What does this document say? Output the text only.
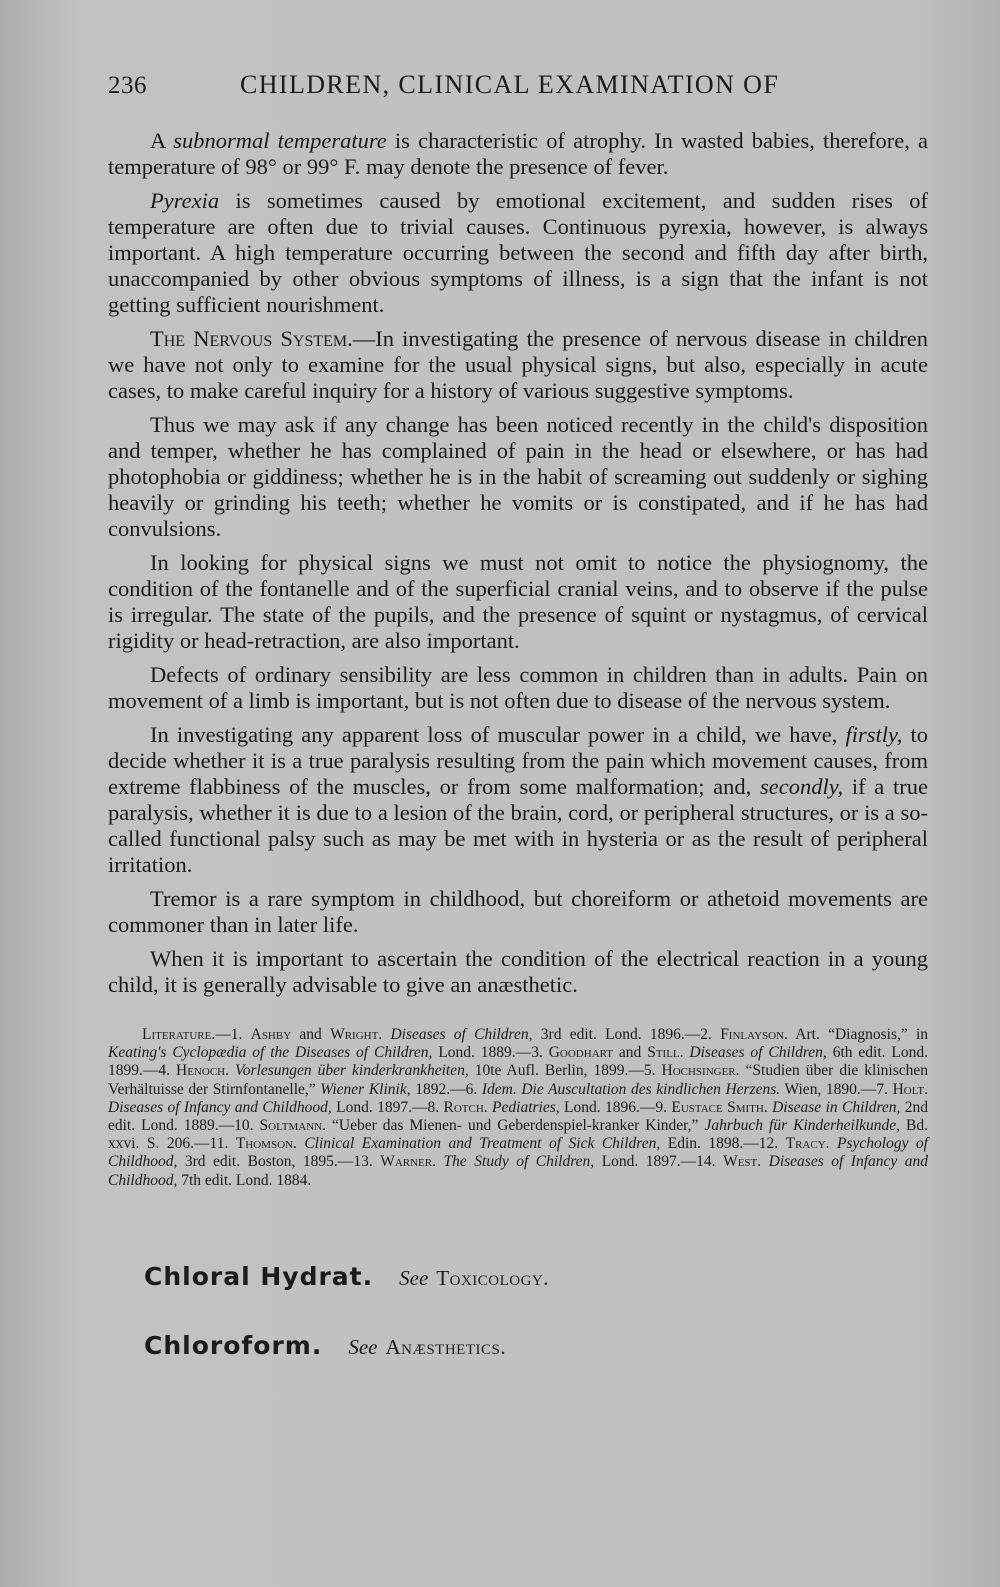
236	CHILDREN, CLINICAL EXAMINATION OF

A subnormal temperature is characteristic of atrophy. In wasted babies, therefore, a temperature of 98° or 99° F. may denote the presence of fever.

Pyrexia is sometimes caused by emotional excitement, and sudden rises of temperature are often due to trivial causes. Continuous pyrexia, however, is always important. A high temperature occurring between the second and fifth day after birth, unaccompanied by other obvious symptoms of illness, is a sign that the infant is not getting sufficient nourishment.

The Nervous System.—In investigating the presence of nervous disease in children we have not only to examine for the usual physical signs, but also, especially in acute cases, to make careful inquiry for a history of various suggestive symptoms.

Thus we may ask if any change has been noticed recently in the child's disposition and temper, whether he has complained of pain in the head or elsewhere, or has had photophobia or giddiness; whether he is in the habit of screaming out suddenly or sighing heavily or grinding his teeth; whether he vomits or is constipated, and if he has had convulsions.

In looking for physical signs we must not omit to notice the physiognomy, the condition of the fontanelle and of the superficial cranial veins, and to observe if the pulse is irregular. The state of the pupils, and the presence of squint or nystagmus, of cervical rigidity or head-retraction, are also important.

Defects of ordinary sensibility are less common in children than in adults. Pain on movement of a limb is important, but is not often due to disease of the nervous system.

In investigating any apparent loss of muscular power in a child, we have, firstly, to decide whether it is a true paralysis resulting from the pain which movement causes, from extreme flabbiness of the muscles, or from some malformation; and, secondly, if a true paralysis, whether it is due to a lesion of the brain, cord, or peripheral structures, or is a so-called functional palsy such as may be met with in hysteria or as the result of peripheral irritation.

Tremor is a rare symptom in childhood, but choreiform or athetoid movements are commoner than in later life.

When it is important to ascertain the condition of the electrical reaction in a young child, it is generally advisable to give an anæsthetic.

Literature.—1. Ashby and Wright. Diseases of Children, 3rd edit. Lond. 1896.—2. Finlayson. Art. “Diagnosis,” in Keating's Cyclopædia of the Diseases of Children, Lond. 1889.—3. Goodhart and Still. Diseases of Children, 6th edit. Lond. 1899.—4. Henoch. Vorlesungen über kinderkrankheiten, 10te Aufl. Berlin, 1899.—5. Hochsinger. “Studien über die klinischen Verhältuisse der Stirnfontanelle,” Wiener Klinik, 1892.—6. Idem. Die Auscultation des kindlichen Herzens. Wien, 1890.—7. Holt. Diseases of Infancy and Childhood, Lond. 1897.—8. Rotch. Pediatries, Lond. 1896.—9. Eustace Smith. Disease in Children, 2nd edit. Lond. 1889.—10. Soltmann. “Ueber das Mienen- und Geberdenspiel-kranker Kinder,” Jahrbuch für Kinderheilkunde, Bd. xxvi. S. 206.—11. Thomson. Clinical Examination and Treatment of Sick Children, Edin. 1898.—12. Tracy. Psychology of Childhood, 3rd edit. Boston, 1895.—13. Warner. The Study of Children, Lond. 1897.—14. West. Diseases of Infancy and Childhood, 7th edit. Lond. 1884.
Chloral Hydrat. See Toxicology.
Chloroform. See Anæsthetics.
